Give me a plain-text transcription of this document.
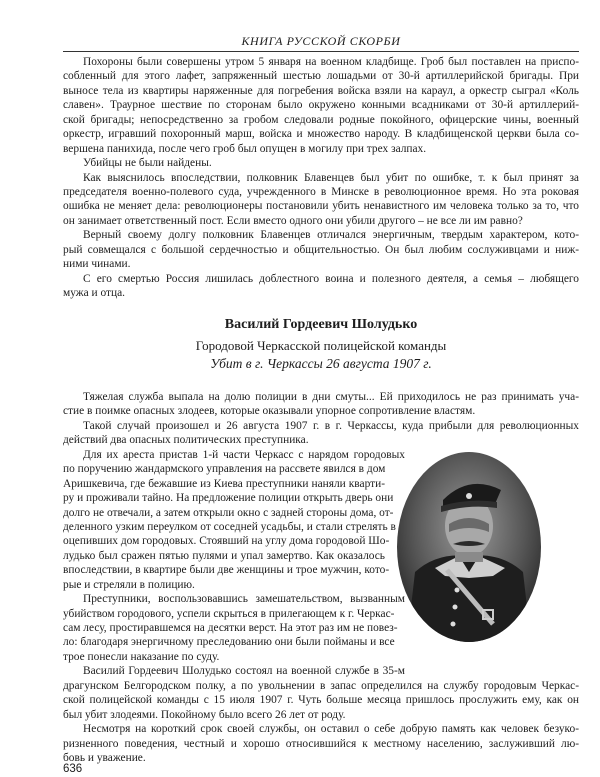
КНИГА РУССКОЙ СКОРБИ
Похороны были совершены утром 5 января на военном кладбище. Гроб был поставлен на приспо-
собленный для этого лафет, запряженный шестью лошадьми от 30-й артиллерийской бригады. При
выносе тела из квартиры наряженные для погребения войска взяли на караул, а оркестр сыграл «Коль
славен». Траурное шествие по сторонам было окружено конными всадниками от 30-й артиллерий-
ской бригады; непосредственно за гробом следовали родные покойного, офицерские чины, военный
оркестр, игравший похоронный марш, войска и множество народу. В кладбищенской церкви была со-
вершена панихида, после чего гроб был опущен в могилу при трех залпах.
Убийцы не были найдены.
Как выяснилось впоследствии, полковник Блавенцев был убит по ошибке, т. к был принят за
председателя военно-полевого суда, учрежденного в Минске в революционное время. Но эта роковая
ошибка не меняет дела: революционеры постановили убить ненавистного им человека только за то, что
он занимает ответственный пост. Если вместо одного они убили другого – не все ли им равно?
Верный своему долгу полковник Блавенцев отличался энергичным, твердым характером, кото-
рый совмещался с большой сердечностью и общительностью. Он был любим сослуживцами и ниж-
ними чинами.
С его смертью Россия лишилась доблестного воина и полезного деятеля, а семья – любящего
мужа и отца.
Василий Гордеевич Шолудько
Городовой Черкасской полицейской команды
Убит в г. Черкассы 26 августа 1907 г.
Тяжелая служба выпала на долю полиции в дни смуты... Ей приходилось не раз принимать уча-
стие в поимке опасных злодеев, которые оказывали упорное сопротивление властям.
Такой случай произошел и 26 августа 1907 г. в г. Черкассы, куда прибыли для революционных
действий два опасных политических преступника.
Для их ареста пристав 1-й части Черкасс с нарядом городовых
по поручению жандармского управления на рассвете явился в дом
Аришкевича, где бежавшие из Киева преступники наняли кварти-
ру и проживали тайно. На предложение полиции открыть дверь они
долго не отвечали, а затем открыли окно с задней стороны дома, от-
деленного узким переулком от соседней усадьбы, и стали стрелять в
оцепивших дом городовых. Стоявший на углу дома городовой Шо-
лудько был сражен пятью пулями и упал замертво. Как оказалось
впоследствии, в квартире были две женщины и трое мужчин, кото-
рые и стреляли в полицию.
Преступники, воспользовавшись замешательством, вызванным
убийством городового, успели скрыться в прилегающем к г. Черкас-
сам лесу, простиравшемся на десятки верст. На этот раз им не повез-
ло: благодаря энергичному преследованию они были пойманы и все
трое понесли наказание по суду.
Василий Гордеевич Шолудько состоял на военной службе в 35-м
драгунском Белгородском полку, а по увольнении в запас определился на службу городовым Черкас-
ской полицейской команды с 15 июля 1907 г. Чуть больше месяца пришлось прослужить ему, как он
был убит злодеями. Покойному было всего 26 лет от роду.
Несмотря на короткий срок своей службы, он оставил о себе добрую память как человек безуко-
ризненного поведения, честный и хорошо относившийся к местному населению, заслуживший лю-
бовь и уважение.
636
